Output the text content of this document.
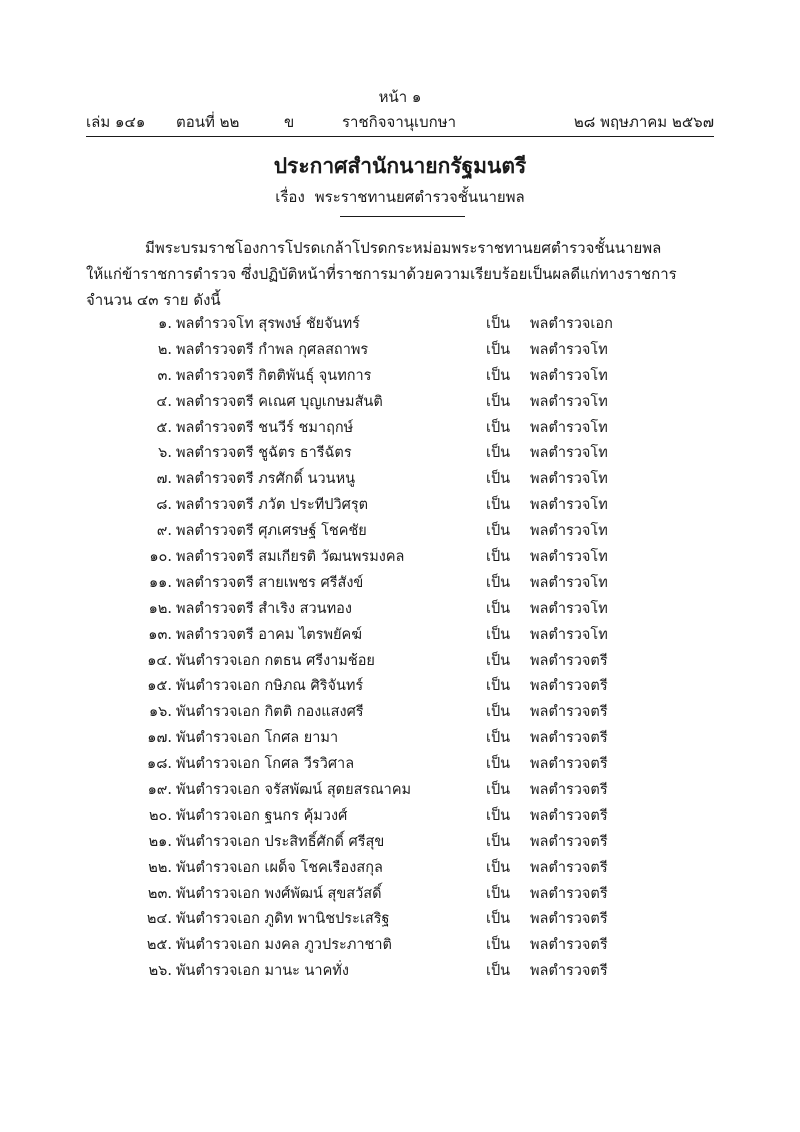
หน้า ๑
เล่ม ๑๔๑ ตอนที่ ๒๒	ข	ราชกิจจานุเบกษา	๒๘ พฤษภาคม ๒๕๖๗
ประกาศสำนักนายกรัฐมนตรี
เรื่อง พระราชทานยศตำรวจชั้นนายพล
มีพระบรมราชโองการโปรดเกล้าโปรดกระหม่อมพระราชทานยศตำรวจชั้นนายพล
ให้แก่ข้าราชการตำรวจ ซึ่งปฏิบัติหน้าที่ราชการมาด้วยความเรียบร้อยเป็นผลดีแก่ทางราชการ
จำนวน ๔๓ ราย ดังนี้
๑. พลตำรวจโท สุรพงษ์ ชัยจันทร์	เป็น พลตำรวจเอก
๒. พลตำรวจตรี กำพล กุศลสถาพร	เป็น พลตำรวจโท
๓. พลตำรวจตรี กิตติพันธุ์ จุนทการ	เป็น พลตำรวจโท
๔. พลตำรวจตรี คเณศ บุญเกษมสันติ	เป็น พลตำรวจโท
๕. พลตำรวจตรี ชนวีร์ ชมาฤกษ์	เป็น พลตำรวจโท
๖. พลตำรวจตรี ชูฉัตร ธารีฉัตร	เป็น พลตำรวจโท
๗. พลตำรวจตรี ภรศักดิ์ นวนหนู	เป็น พลตำรวจโท
๘. พลตำรวจตรี ภวัต ประทีปวิศรุต	เป็น พลตำรวจโท
๙. พลตำรวจตรี ศุภเศรษฐ์ โชคชัย	เป็น พลตำรวจโท
๑๐. พลตำรวจตรี สมเกียรติ วัฒนพรมงคล	เป็น พลตำรวจโท
๑๑. พลตำรวจตรี สายเพชร ศรีสังข์	เป็น พลตำรวจโท
๑๒. พลตำรวจตรี สำเริง สวนทอง	เป็น พลตำรวจโท
๑๓. พลตำรวจตรี อาคม ไตรพยัคฆ์	เป็น พลตำรวจโท
๑๔. พันตำรวจเอก กตธน ศรีงามช้อย	เป็น พลตำรวจตรี
๑๕. พันตำรวจเอก กษิภณ ศิริจันทร์	เป็น พลตำรวจตรี
๑๖. พันตำรวจเอก กิตติ กองแสงศรี	เป็น พลตำรวจตรี
๑๗. พันตำรวจเอก โกศล ยามา	เป็น พลตำรวจตรี
๑๘. พันตำรวจเอก โกศล วีรวิศาล	เป็น พลตำรวจตรี
๑๙. พันตำรวจเอก จรัสพัฒน์ สุตยสรณาคม	เป็น พลตำรวจตรี
๒๐. พันตำรวจเอก ฐนกร คุ้มวงศ์	เป็น พลตำรวจตรี
๒๑. พันตำรวจเอก ประสิทธิ์ศักดิ์ ศรีสุข	เป็น พลตำรวจตรี
๒๒. พันตำรวจเอก เผด็จ โชคเรืองสกุล	เป็น พลตำรวจตรี
๒๓. พันตำรวจเอก พงศ์พัฒน์ สุขสวัสดิ์	เป็น พลตำรวจตรี
๒๔. พันตำรวจเอก ภูดิท พานิชประเสริฐ	เป็น พลตำรวจตรี
๒๕. พันตำรวจเอก มงคล ภูวประภาชาติ	เป็น พลตำรวจตรี
๒๖. พันตำรวจเอก มานะ นาคทั่ง	เป็น พลตำรวจตรี
